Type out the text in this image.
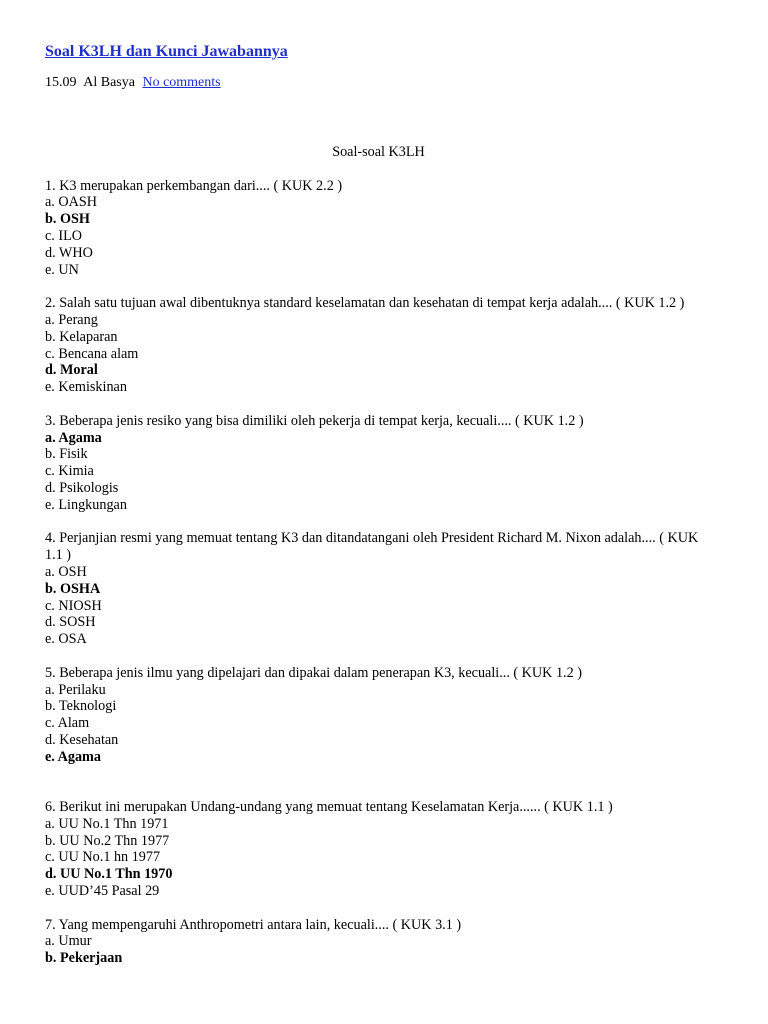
Soal K3LH dan Kunci Jawabannya
15.09 Al Basya No comments
Soal-soal K3LH
1. K3 merupakan perkembangan dari.... ( KUK 2.2 )
a. OASH
b. OSH
c. ILO
d. WHO
e. UN
2. Salah satu tujuan awal dibentuknya standard keselamatan dan kesehatan di tempat kerja adalah.... ( KUK 1.2 )
a. Perang
b. Kelaparan
c. Bencana alam
d. Moral
e. Kemiskinan
3. Beberapa jenis resiko yang bisa dimiliki oleh pekerja di tempat kerja, kecuali.... ( KUK 1.2 )
a. Agama
b. Fisik
c. Kimia
d. Psikologis
e. Lingkungan
4. Perjanjian resmi yang memuat tentang K3 dan ditandatangani oleh President Richard M. Nixon adalah.... ( KUK 1.1 )
a. OSH
b. OSHA
c. NIOSH
d. SOSH
e. OSA
5. Beberapa jenis ilmu yang dipelajari dan dipakai dalam penerapan K3, kecuali... ( KUK 1.2 )
a. Perilaku
b. Teknologi
c. Alam
d. Kesehatan
e. Agama
6. Berikut ini merupakan Undang-undang yang memuat tentang Keselamatan Kerja...... ( KUK 1.1 )
a. UU No.1 Thn 1971
b. UU No.2 Thn 1977
c. UU No.1 hn 1977
d. UU No.1 Thn 1970
e. UUD’45 Pasal 29
7. Yang mempengaruhi Anthropometri antara lain, kecuali.... ( KUK 3.1 )
a. Umur
b. Pekerjaan
